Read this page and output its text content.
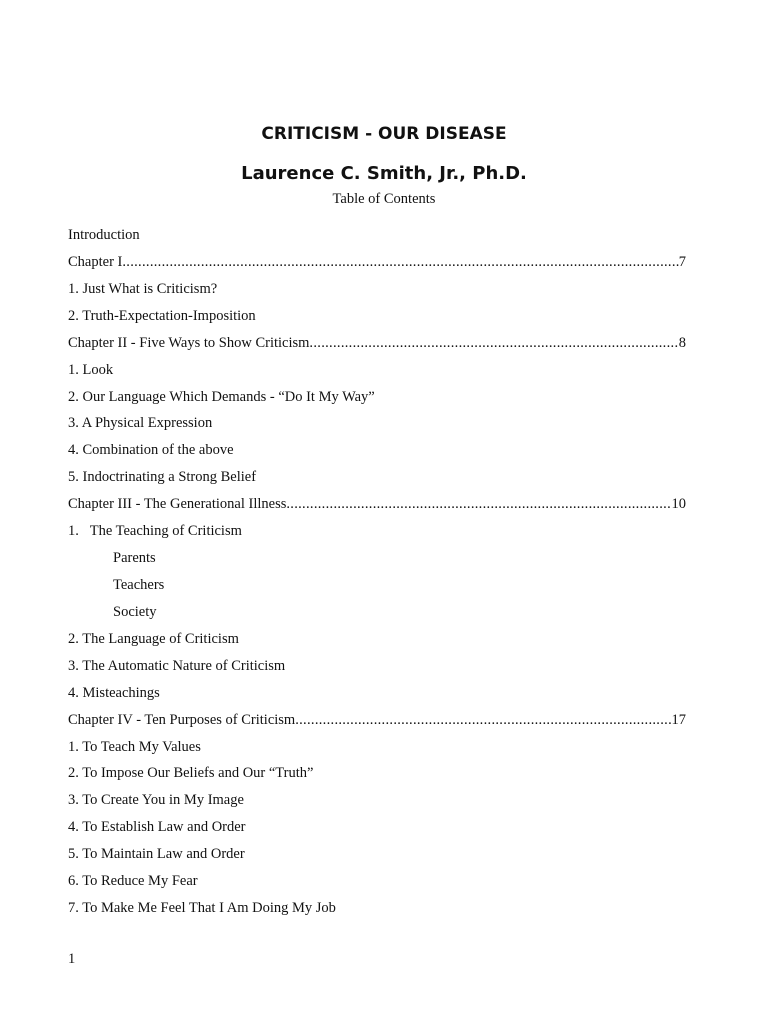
CRITICISM - OUR DISEASE
Laurence C. Smith, Jr., Ph.D.
Table of Contents
Introduction
Chapter I .....	7
1. Just What is Criticism?
2. Truth-Expectation-Imposition
Chapter II - Five Ways to Show Criticism .....	8
1. Look
2. Our Language Which Demands - “Do It My Way”
3. A Physical Expression
4. Combination of the above
5. Indoctrinating a Strong Belief
Chapter III - The Generational Illness .....	10
1.   The Teaching of Criticism
Parents
Teachers
Society
2. The Language of Criticism
3. The Automatic Nature of Criticism
4. Misteachings
Chapter IV - Ten Purposes of Criticism .....	17
1. To Teach My Values
2. To Impose Our Beliefs and Our “Truth”
3. To Create You in My Image
4. To Establish Law and Order
5. To Maintain Law and Order
6. To Reduce My Fear
7. To Make Me Feel That I Am Doing My Job
1
